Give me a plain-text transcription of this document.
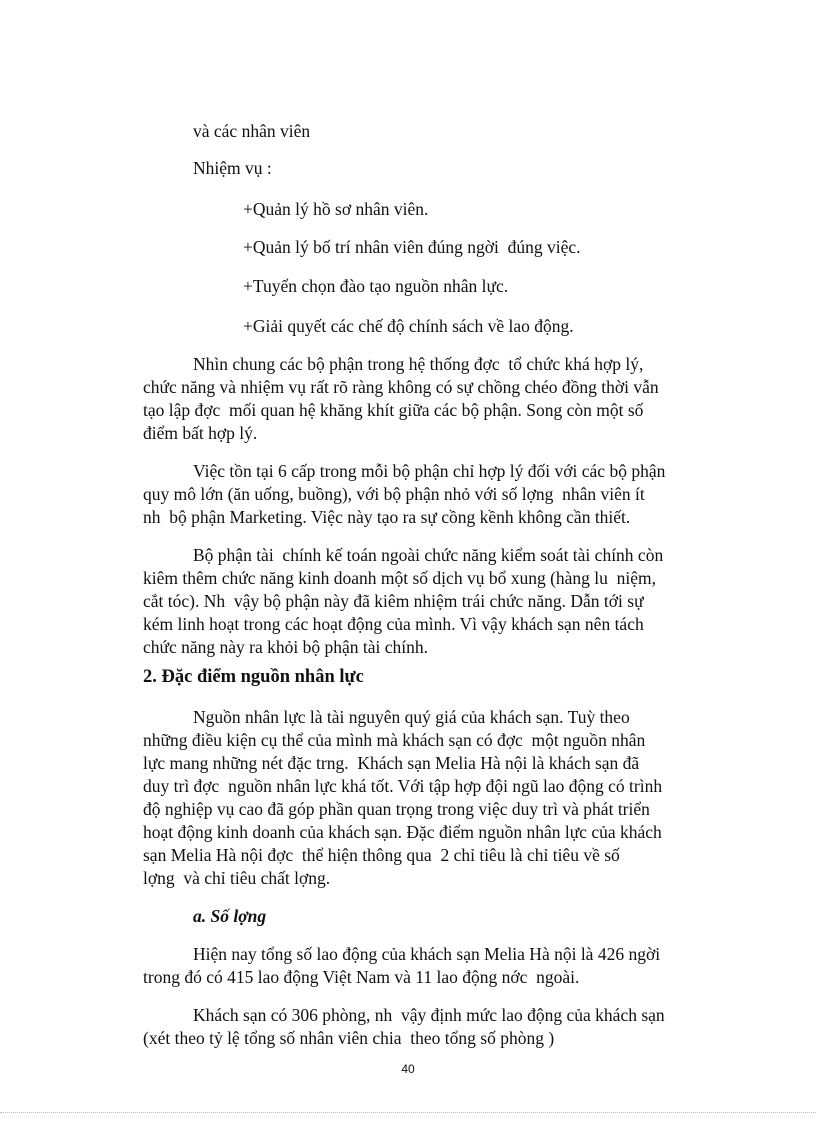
và các nhân viên
Nhiệm vụ :
+Quản lý hồ sơ nhân viên.
+Quản lý bố trí nhân viên đúng ngời  đúng việc.
+Tuyển chọn đào tạo nguồn nhân lực.
+Giải quyết các chế độ chính sách về lao động.
Nhìn chung các bộ phận trong hệ thống đợc  tổ chức khá hợp lý,
chức năng và nhiệm vụ rất rõ ràng không có sự chồng chéo đồng thời vẫn
tạo lập đợc  mối quan hệ khăng khít giữa các bộ phận. Song còn một số
điểm bất hợp lý.
Việc tồn tại 6 cấp trong mỗi bộ phận chỉ hợp lý đối với các bộ phận
quy mô lớn (ăn uống, buồng), với bộ phận nhỏ với số lợng  nhân viên ít
nh  bộ phận Marketing. Việc này tạo ra sự cồng kềnh không cần thiết.
Bộ phận tài  chính kế toán ngoài chức năng kiểm soát tài chính còn
kiêm thêm chức năng kinh doanh một số dịch vụ bổ xung (hàng lu  niệm,
cắt tóc). Nh  vậy bộ phận này đã kiêm nhiệm trái chức năng. Dẫn tới sự
kém linh hoạt trong các hoạt động của mình. Vì vậy khách sạn nên tách
chức năng này ra khỏi bộ phận tài chính.
2. Đặc điểm nguồn nhân lực
Nguồn nhân lực là tài nguyên quý giá của khách sạn. Tuỳ theo
những điều kiện cụ thể của mình mà khách sạn có đợc  một nguồn nhân
lực mang những nét đặc trng.  Khách sạn Melia Hà nội là khách sạn đã
duy trì đợc  nguồn nhân lực khá tốt. Với tập hợp đội ngũ lao động có trình
độ nghiệp vụ cao đã góp phần quan trọng trong việc duy trì và phát triển
hoạt động kinh doanh của khách sạn. Đặc điểm nguồn nhân lực của khách
sạn Melia Hà nội đợc  thể hiện thông qua  2 chỉ tiêu là chỉ tiêu về số
lợng  và chỉ tiêu chất lợng.
a. Số lợng
Hiện nay tổng số lao động của khách sạn Melia Hà nội là 426 ngời
trong đó có 415 lao động Việt Nam và 11 lao động nớc  ngoài.
Khách sạn có 306 phòng, nh  vậy định mức lao động của khách sạn
(xét theo tỷ lệ tổng số nhân viên chia  theo tổng số phòng )
40
